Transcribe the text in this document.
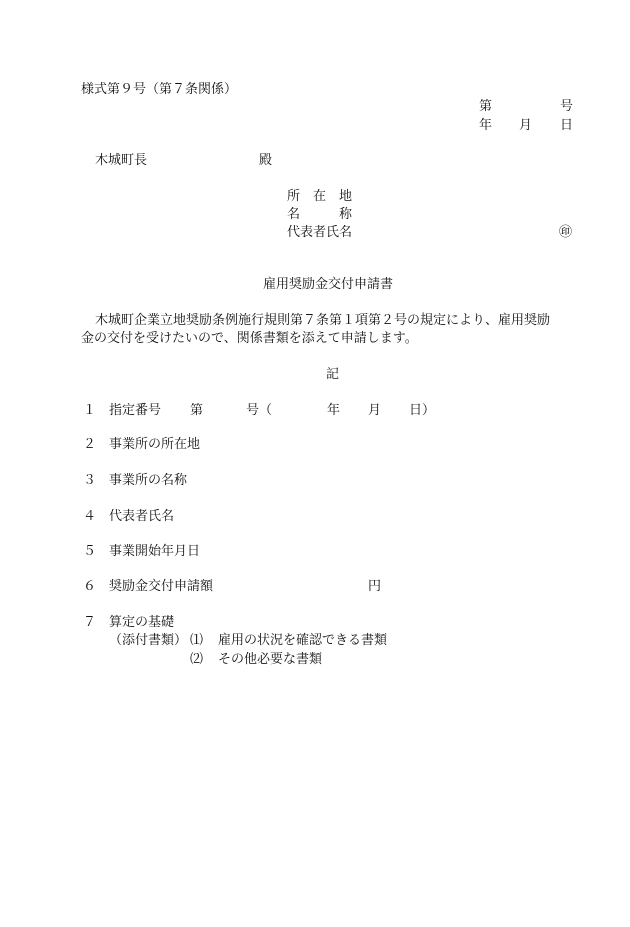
様式第９号（第７条関係）
第	号
年 月 日
木城町長	殿
所　在　地
名　　　称
代表者氏名	㊞
雇用奨励金交付申請書
木城町企業立地奨励条例施行規則第７条第１項第２号の規定により、雇用奨励
金の交付を受けたいので、関係書類を添えて申請します。
記
１ 指定番号 第	号（	年 月 日）
２ 事業所の所在地
３ 事業所の名称
４ 代表者氏名
５ 事業開始年月日
６ 奨励金交付申請額	円
７ 算定の基礎
（添付書類） ⑴ 雇用の状況を確認できる書類
⑵ その他必要な書類
